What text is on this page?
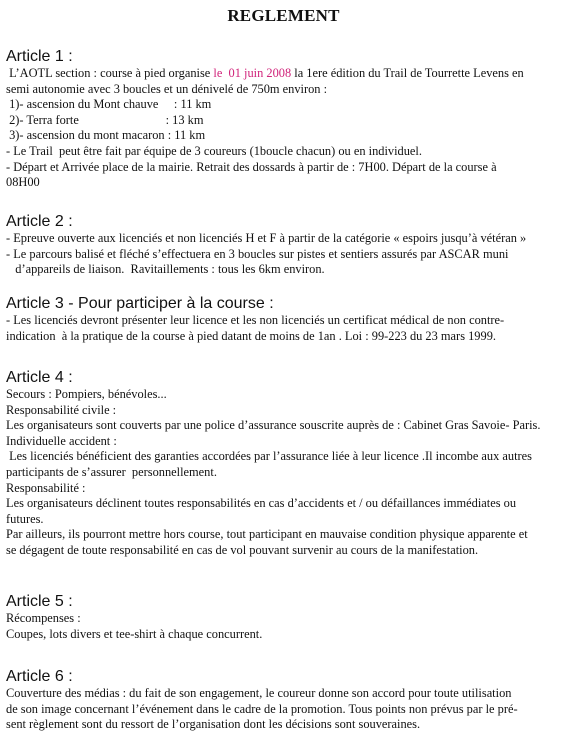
REGLEMENT
Article 1 :

L’AOTL section : course à pied organise le  01 juin 2008 la 1ere édition du Trail de Tourrette Levens en

semi autonomie avec 3 boucles et un dénivelé de 750m environ :

1)- ascension du Mont chauve     : 11 km

2)- Terra forte                            : 13 km

3)- ascension du mont macaron : 11 km

- Le Trail  peut être fait par équipe de 3 coureurs (1boucle chacun) ou en individuel.

- Départ et Arrivée place de la mairie. Retrait des dossards à partir de : 7H00. Départ de la course à

08H00

Article 2 :

- Epreuve ouverte aux licenciés et non licenciés H et F à partir de la catégorie « espoirs jusqu’à vétéran »

- Le parcours balisé et fléché s’effectuera en 3 boucles sur pistes et sentiers assurés par ASCAR muni

d’appareils de liaison.  Ravitaillements : tous les 6km environ.

Article 3 - Pour participer à la course :

- Les licenciés devront présenter leur licence et les non licenciés un certificat médical de non contre-

indication  à la pratique de la course à pied datant de moins de 1an . Loi : 99-223 du 23 mars 1999.

Article 4 :

Secours : Pompiers, bénévoles...

Responsabilité civile :

Les organisateurs sont couverts par une police d’assurance souscrite auprès de : Cabinet Gras Savoie- Paris.

Individuelle accident :

Les licenciés bénéficient des garanties accordées par l’assurance liée à leur licence .Il incombe aux autres

participants de s’assurer  personnellement.

Responsabilité :

Les organisateurs déclinent toutes responsabilités en cas d’accidents et / ou défaillances immédiates ou

futures.

Par ailleurs, ils pourront mettre hors course, tout participant en mauvaise condition physique apparente et

se dégagent de toute responsabilité en cas de vol pouvant survenir au cours de la manifestation.

Article 5 :

Récompenses :

Coupes, lots divers et tee-shirt à chaque concurrent.

Article 6 :

Couverture des médias : du fait de son engagement, le coureur donne son accord pour toute utilisation

de son image concernant l’événement dans le cadre de la promotion. Tous points non prévus par le pré-

sent règlement sont du ressort de l’organisation dont les décisions sont souveraines.
